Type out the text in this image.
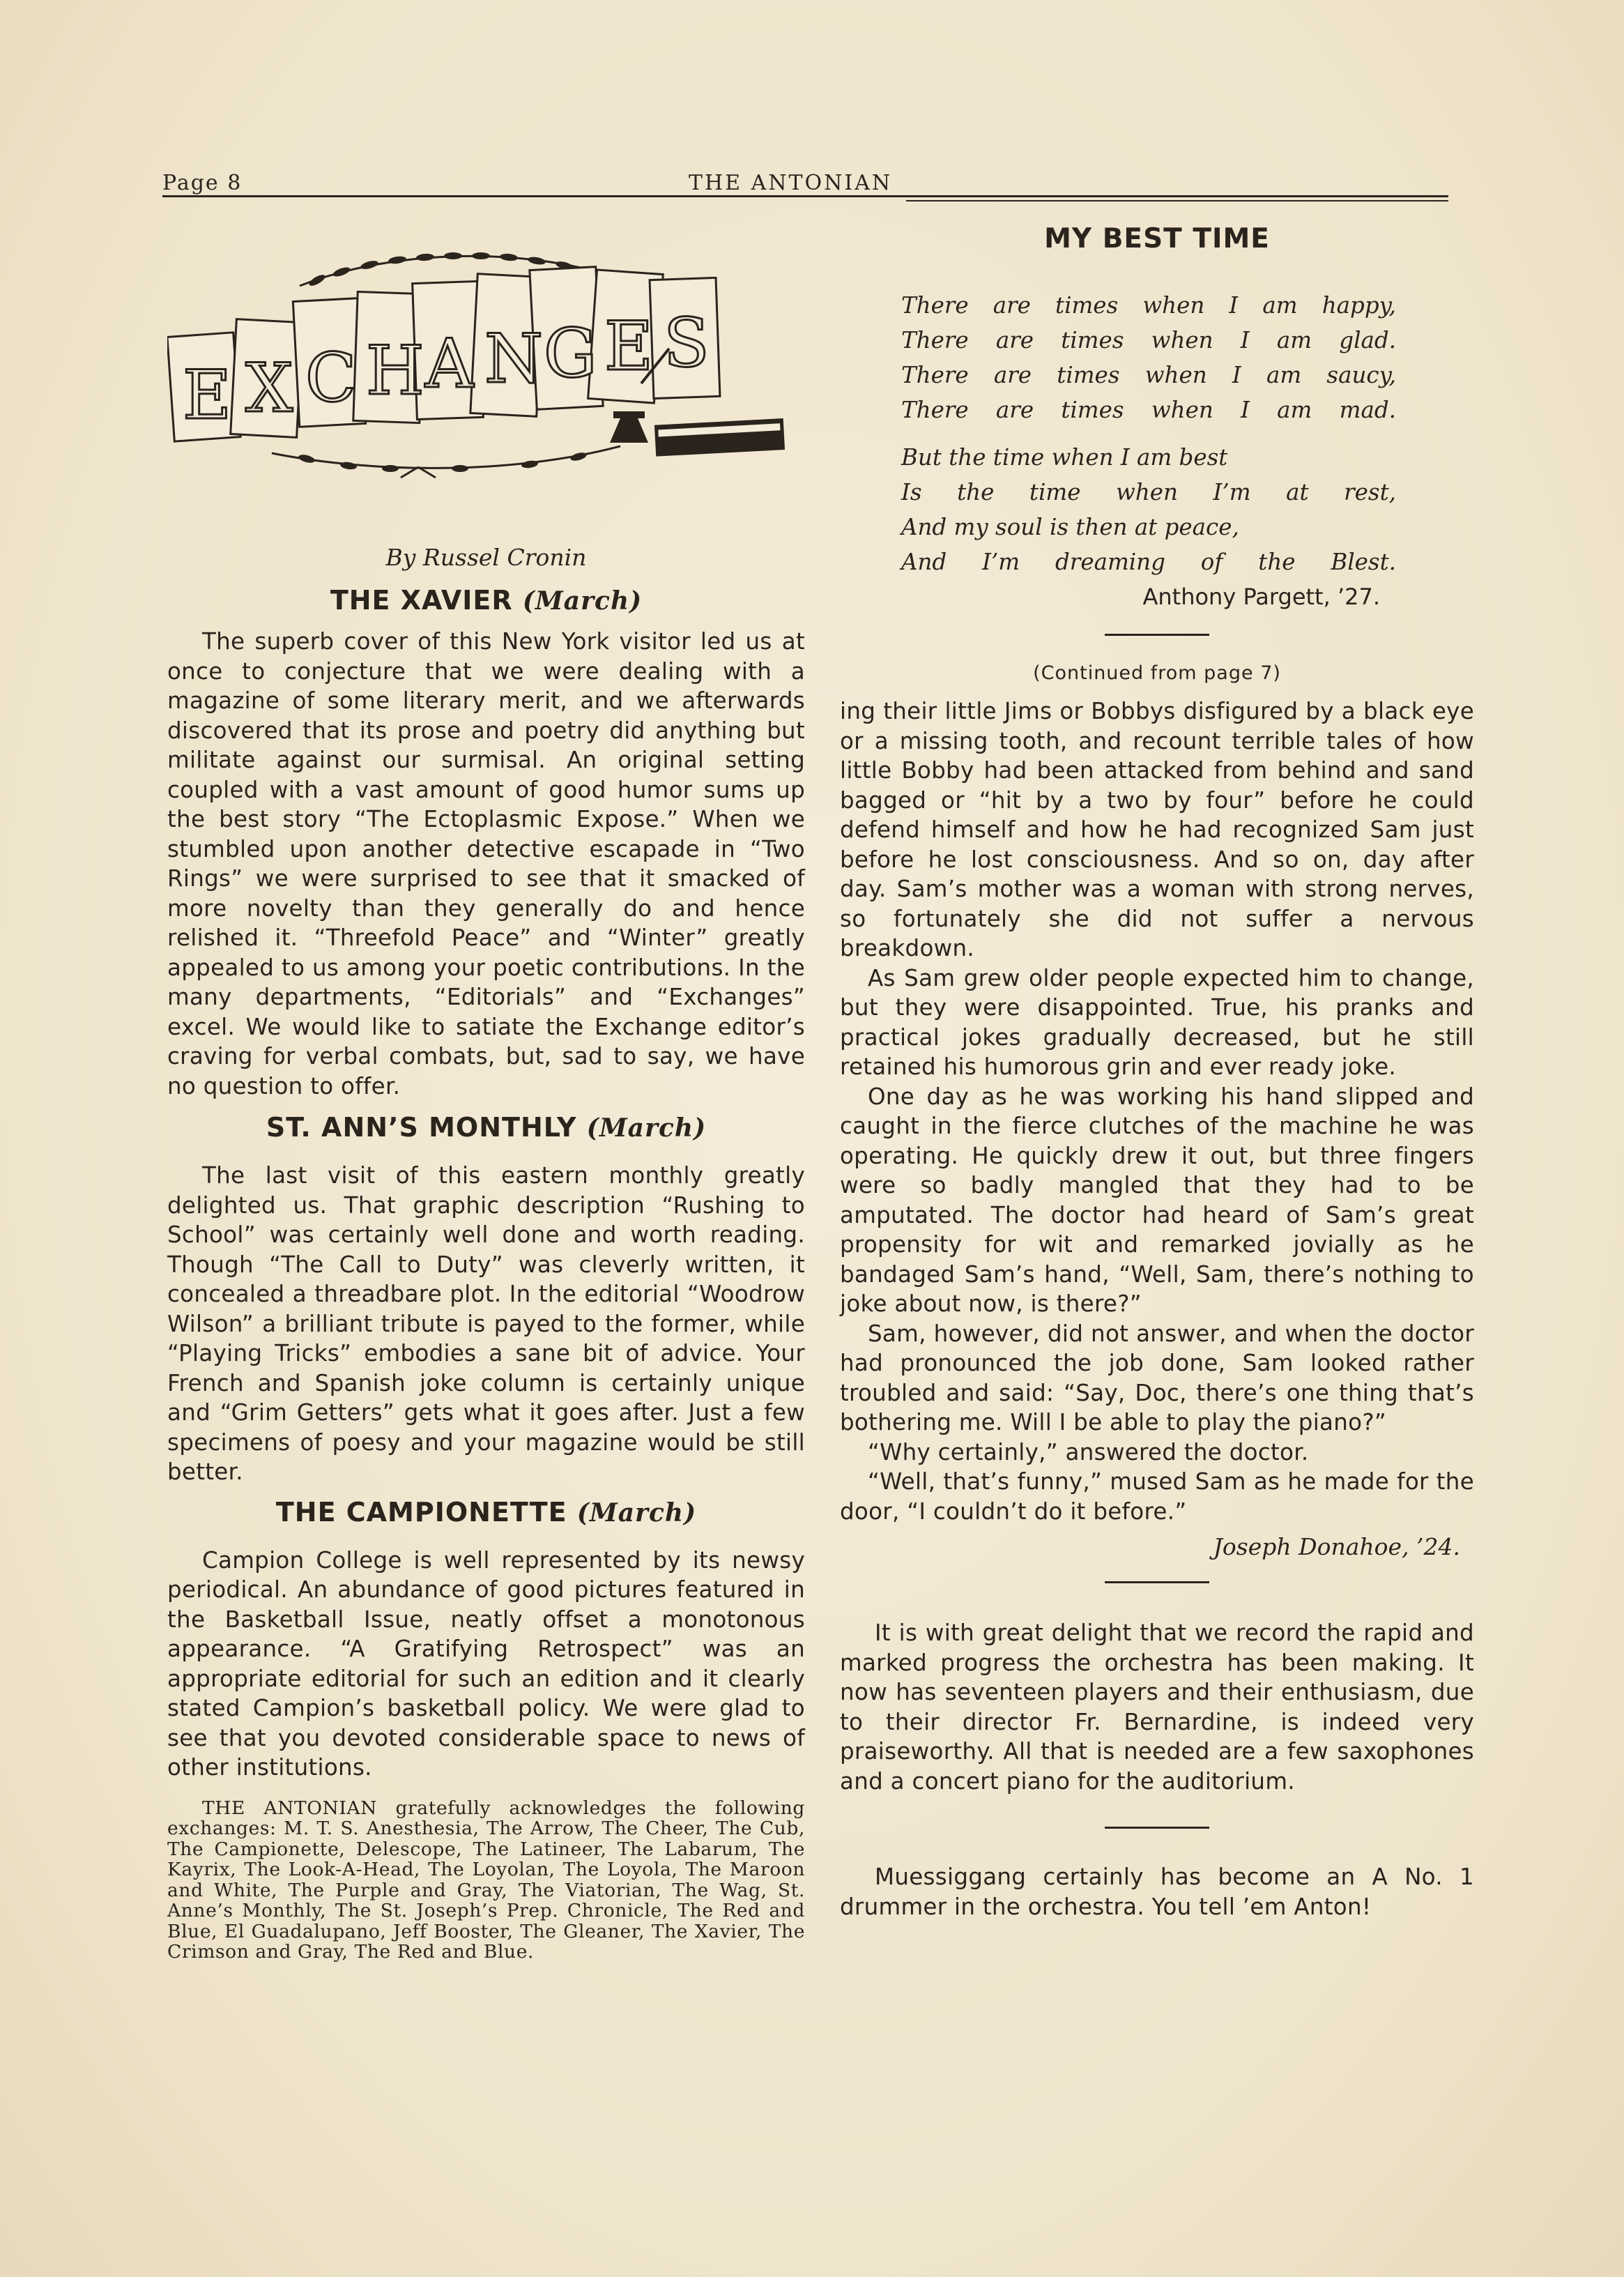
Page 8	THE ANTONIAN
E X C H A N G E S

By Russel Cronin

THE XAVIER (March)

The superb cover of this New York visitor led us at once to conjecture that we were dealing with a magazine of some literary merit, and we afterwards discovered that its prose and poetry did anything but militate against our surmisal. An original setting coupled with a vast amount of good humor sums up the best story “The Ectoplasmic Expose.” When we stumbled upon another detective escapade in “Two Rings” we were surprised to see that it smacked of more novelty than they generally do and hence relished it. “Threefold Peace” and “Winter” greatly appealed to us among your poetic contributions. In the many departments, “Editorials” and “Exchanges” excel. We would like to satiate the Exchange editor’s craving for verbal combats, but, sad to say, we have no question to offer.

ST. ANN’S MONTHLY (March)

The last visit of this eastern monthly greatly delighted us. That graphic description “Rushing to School” was certainly well done and worth reading. Though “The Call to Duty” was cleverly written, it concealed a threadbare plot. In the editorial “Woodrow Wilson” a brilliant tribute is payed to the former, while “Playing Tricks” embodies a sane bit of advice. Your French and Spanish joke column is certainly unique and “Grim Getters” gets what it goes after. Just a few specimens of poesy and your magazine would be still better.

THE CAMPIONETTE (March)

Campion College is well represented by its newsy periodical. An abundance of good pictures featured in the Basketball Issue, neatly offset a monotonous appearance. “A Gratifying Retrospect” was an appropriate editorial for such an edition and it clearly stated Campion’s basketball policy. We were glad to see that you devoted considerable space to news of other institutions.

THE ANTONIAN gratefully acknowledges the following exchanges: M. T. S. Anesthesia, The Arrow, The Cheer, The Cub, The Campionette, Delescope, The Latineer, The Labarum, The Kayrix, The Look-A-Head, The Loyolan, The Loyola, The Maroon and White, The Purple and Gray, The Viatorian, The Wag, St. Anne’s Monthly, The St. Joseph’s Prep. Chronicle, The Red and Blue, El Guadalupano, Jeff Booster, The Gleaner, The Xavier, The Crimson and Gray, The Red and Blue.

MY BEST TIME

There are times when I am happy,
There are times when I am glad.
There are times when I am saucy,
There are times when I am mad.

But the time when I am best
Is the time when I’m at rest,
And my soul is then at peace,
And I’m dreaming of the Blest.

Anthony Pargett, ’27.

(Continued from page 7)

ing their little Jims or Bobbys disfigured by a black eye or a missing tooth, and recount terrible tales of how little Bobby had been attacked from behind and sand bagged or “hit by a two by four” before he could defend himself and how he had recognized Sam just before he lost consciousness. And so on, day after day. Sam’s mother was a woman with strong nerves, so fortunately she did not suffer a nervous breakdown.

As Sam grew older people expected him to change, but they were disappointed. True, his pranks and practical jokes gradually decreased, but he still retained his humorous grin and ever ready joke.

One day as he was working his hand slipped and caught in the fierce clutches of the machine he was operating. He quickly drew it out, but three fingers were so badly mangled that they had to be amputated. The doctor had heard of Sam’s great propensity for wit and remarked jovially as he bandaged Sam’s hand, “Well, Sam, there’s nothing to joke about now, is there?”

Sam, however, did not answer, and when the doctor had pronounced the job done, Sam looked rather troubled and said: “Say, Doc, there’s one thing that’s bothering me. Will I be able to play the piano?”

“Why certainly,” answered the doctor.

“Well, that’s funny,” mused Sam as he made for the door, “I couldn’t do it before.”

Joseph Donahoe, ’24.

It is with great delight that we record the rapid and marked progress the orchestra has been making. It now has seventeen players and their enthusiasm, due to their director Fr. Bernardine, is indeed very praiseworthy. All that is needed are a few saxophones and a concert piano for the auditorium.

Muessiggang certainly has become an A No. 1 drummer in the orchestra. You tell ’em Anton!
